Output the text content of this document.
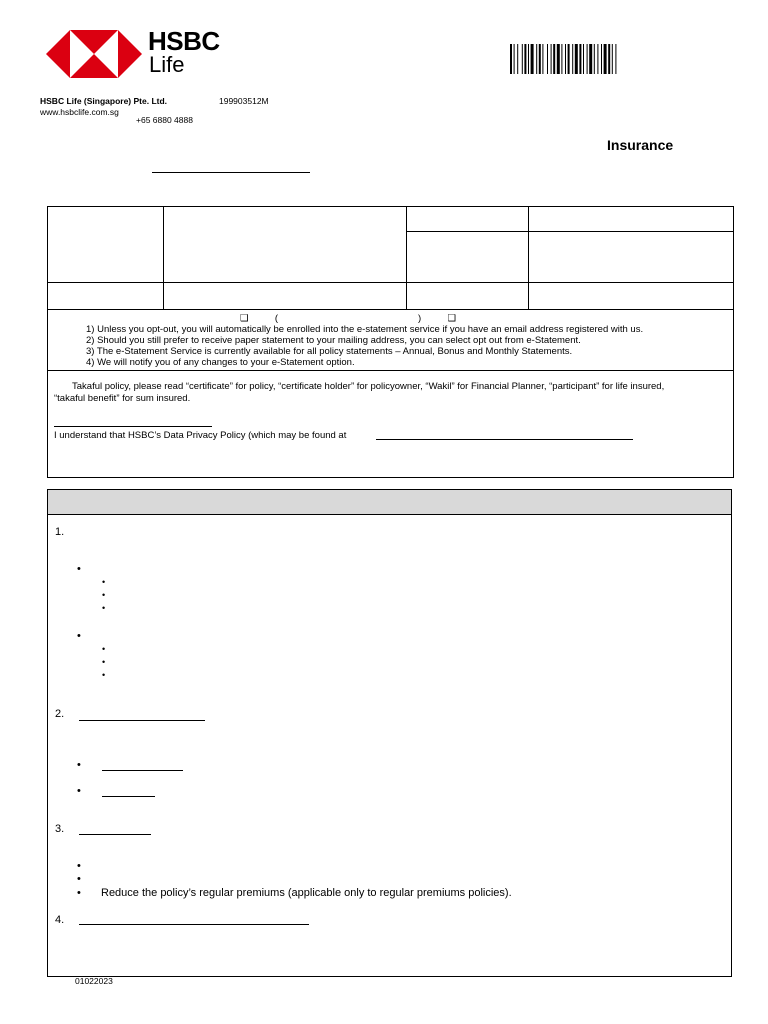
HSBC
Life
HSBC Life (Singapore) Pte. Ltd.	199903512M
www.hsbclife.com.sg
+65 6880 4888
Insurance
❑          (                                                     )          ❑
1) Unless you opt-out, you will automatically be enrolled into the e-statement service if you have an email address registered with us.
2) Should you still prefer to receive paper statement to your mailing address, you can select opt out from e-Statement.
3) The e-Statement Service is currently available for all policy statements – Annual, Bonus and Monthly Statements.
4) We will notify you of any changes to your e-Statement option.
Takaful policy, please read “certificate” for policy, “certificate holder” for policyowner, “Wakil” for Financial Planner, “participant” for life insured,
“takaful benefit” for sum insured.
I understand that HSBC’s Data Privacy Policy (which may be found at
1.
•
•
•
•
•
•
•
•
2.
•
•
3.
•
•
• Reduce the policy’s regular premiums (applicable only to regular premiums policies).
4.
01022023
